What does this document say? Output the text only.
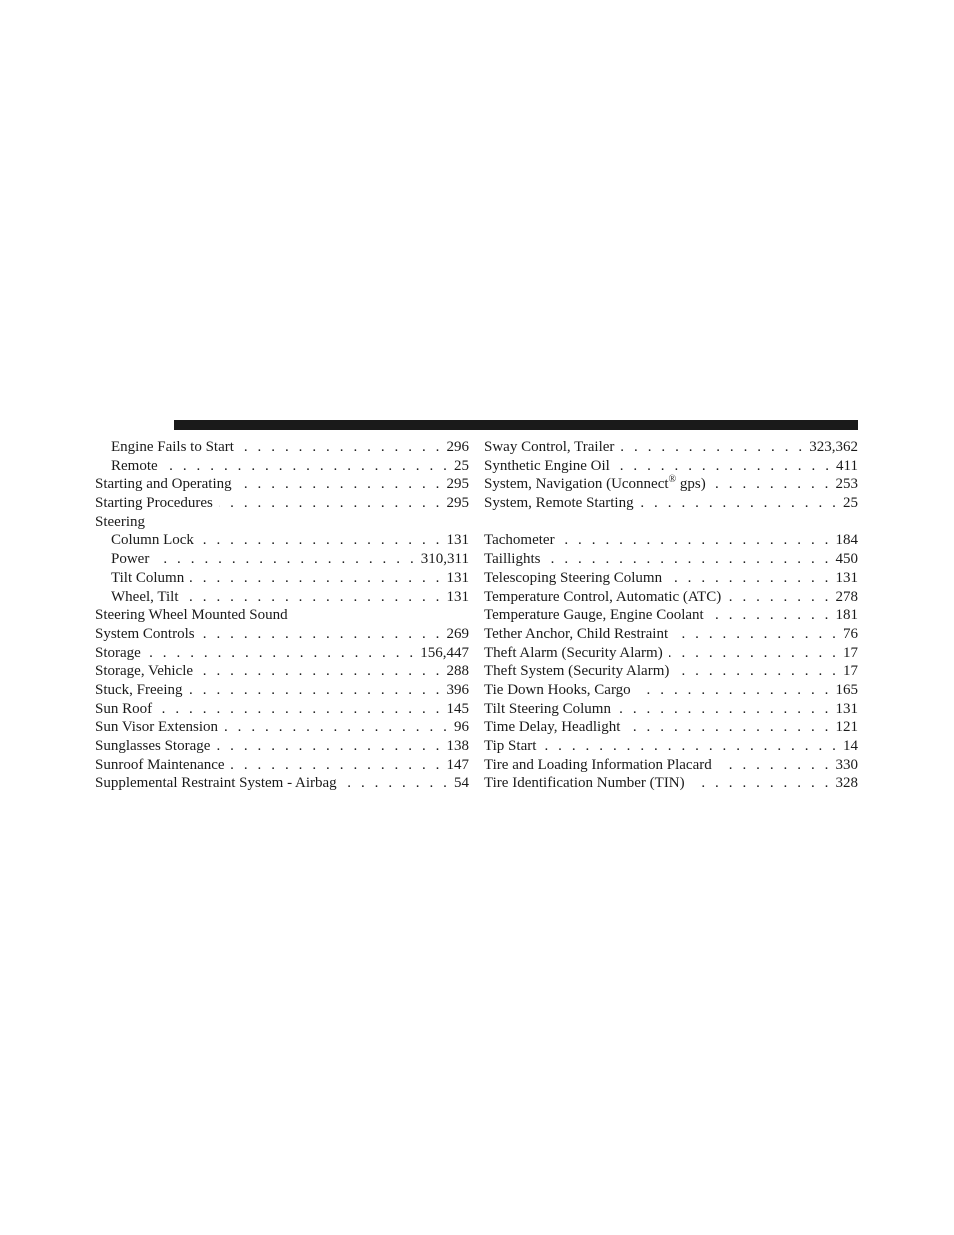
Engine Fails to Start . . .	296
Remote . . .	25
Starting and Operating . . .	295
Starting Procedures . . .	295
Steering
Column Lock . . .	131
Power . . .	310,311
Tilt Column . . .	131
Wheel, Tilt . . .	131
Steering Wheel Mounted Sound
System Controls . . .	269
Storage . . .	156,447
Storage, Vehicle . . .	288
Stuck, Freeing . . .	396
Sun Roof . . .	145
Sun Visor Extension . . .	96
Sunglasses Storage . . .	138
Sunroof Maintenance . . .	147
Supplemental Restraint System - Airbag . . .	54
Sway Control, Trailer . . .	323,362
Synthetic Engine Oil . . .	411
System, Navigation (Uconnect® gps) . . .	253
System, Remote Starting . . .	25
Tachometer . . .	184
Taillights . . .	450
Telescoping Steering Column . . .	131
Temperature Control, Automatic (ATC) . . .	278
Temperature Gauge, Engine Coolant . . .	181
Tether Anchor, Child Restraint . . .	76
Theft Alarm (Security Alarm) . . .	17
Theft System (Security Alarm) . . .	17
Tie Down Hooks, Cargo . . .	165
Tilt Steering Column . . .	131
Time Delay, Headlight . . .	121
Tip Start . . .	14
Tire and Loading Information Placard . . .	330
Tire Identification Number (TIN) . . .	328
